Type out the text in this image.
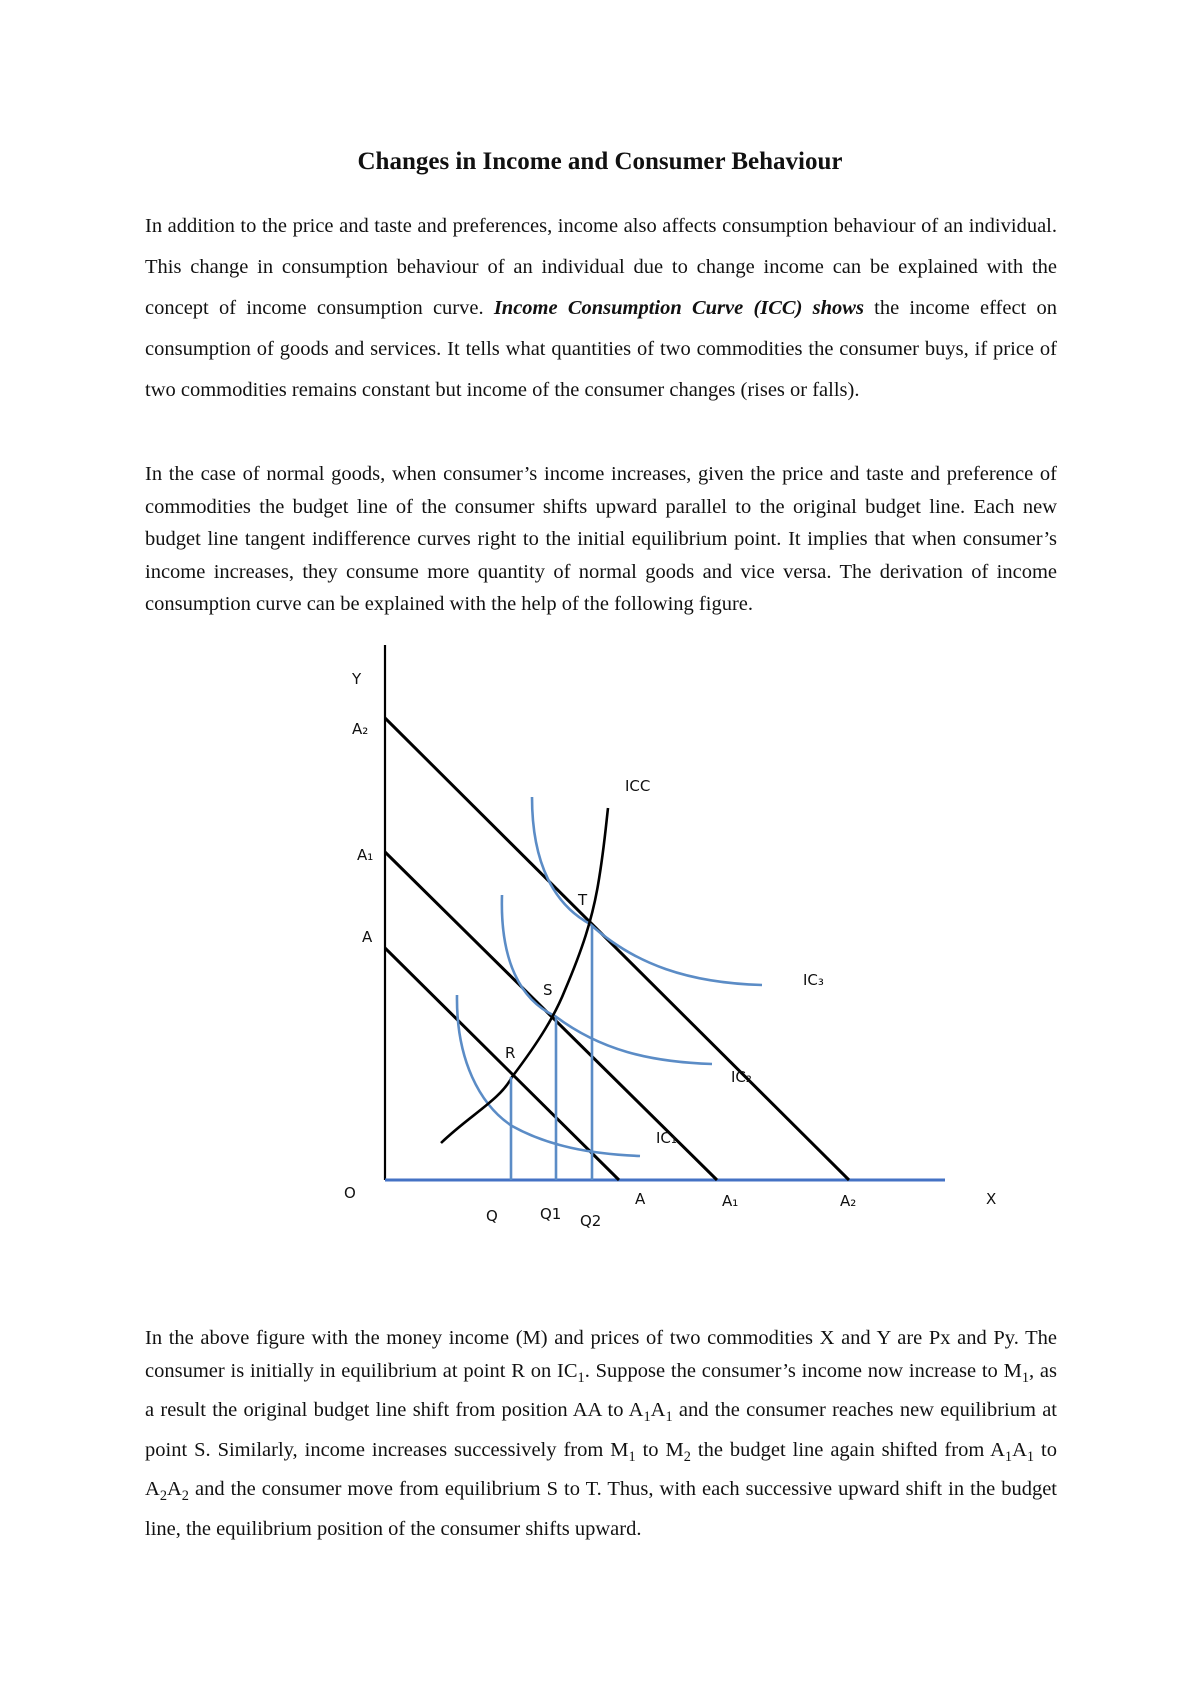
Changes in Income and Consumer Behaviour
In addition to the price and taste and preferences, income also affects consumption behaviour of an individual. This change in consumption behaviour of an individual due to change income can be explained with the concept of income consumption curve. Income Consumption Curve (ICC) shows the income effect on consumption of goods and services. It tells what quantities of two commodities the consumer buys, if price of two commodities remains constant but income of the consumer changes (rises or falls).
In the case of normal goods, when consumer’s income increases, given the price and taste and preference of commodities the budget line of the consumer shifts upward parallel to the original budget line. Each new budget line tangent indifference curves right to the initial equilibrium point. It implies that when consumer’s income increases, they consume more quantity of normal goods and vice versa. The derivation of income consumption curve can be explained with the help of the following figure.
Y
A₂
A₁
A
O	X
A	A₁	A₂
Q	Q1 Q2
ICC
T
S
R
IC₃
IC₂
IC₁
In the above figure with the money income (M) and prices of two commodities X and Y are Px and Py. The consumer is initially in equilibrium at point R on $IC_1$. Suppose the consumer’s income now increase to $M_1$, as a result the original budget line shift from position AA to $A_1A_1$ and the consumer reaches new equilibrium at point S. Similarly, income increases successively from $M_1$ to $M_2$ the budget line again shifted from $A_1A_1$ to $A_2A_2$ and the consumer move from equilibrium S to T. Thus, with each successive upward shift in the budget line, the equilibrium position of the consumer shifts upward.
